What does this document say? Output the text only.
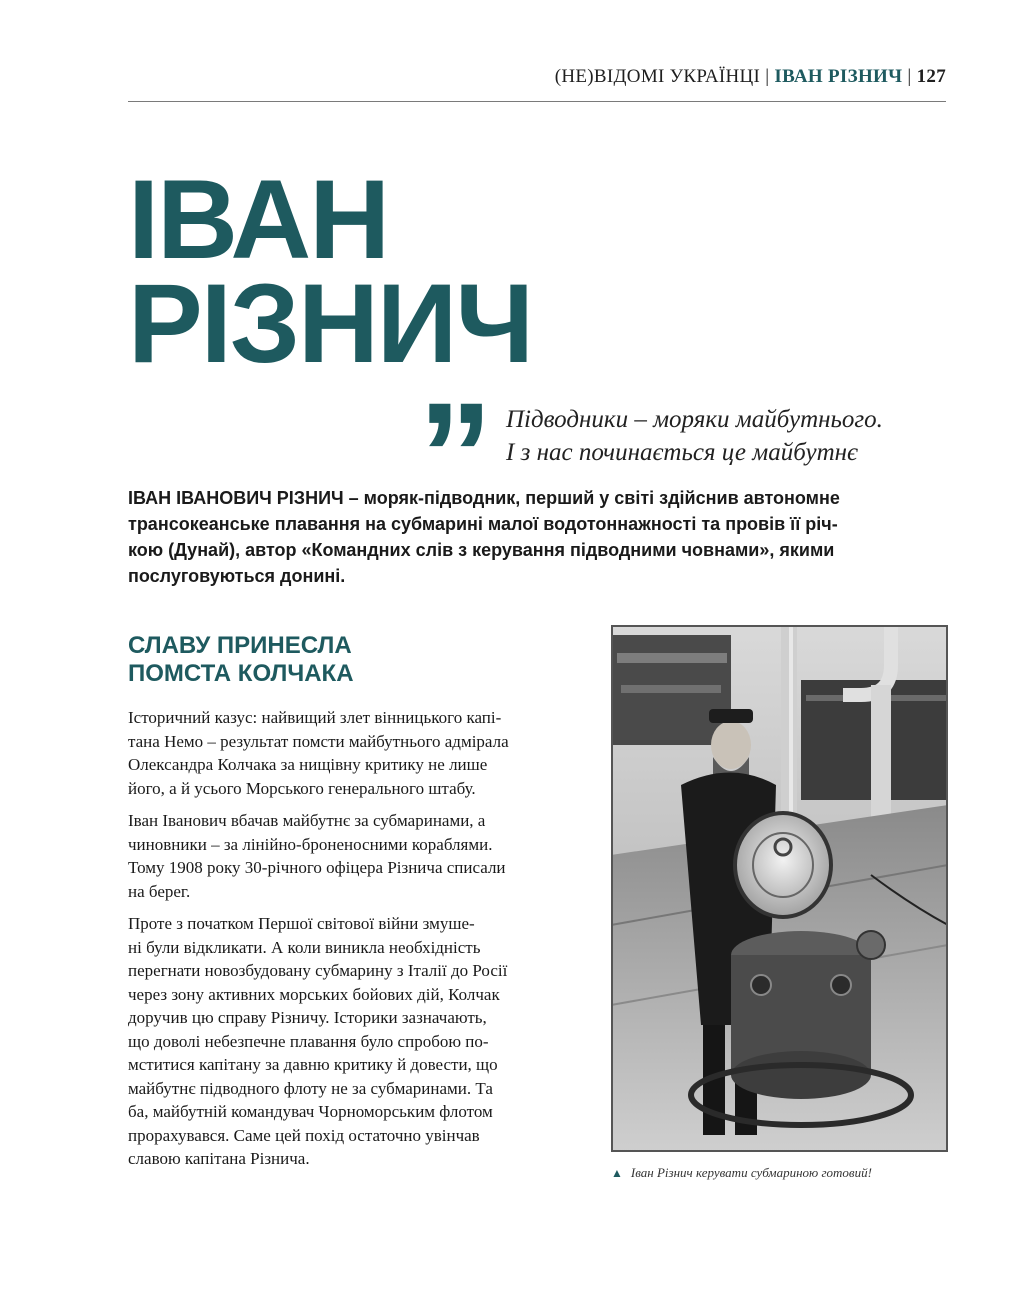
(НЕ)ВІДОМІ УКРАЇНЦІ | ІВАН РІЗНИЧ | 127
ІВАН
РІЗНИЧ
” Підводники – моряки майбутнього.
І з нас починається це майбутнє
ІВАН ІВАНОВИЧ РІЗНИЧ – моряк-підводник, перший у світі здійснив автономне
трансокеанське плавання на субмарині малої водотоннажності та провів її річ-
кою (Дунай), автор «Командних слів з керування підводними човнами», якими
послуговуються донині.
СЛАВУ ПРИНЕСЛА
ПОМСТА КОЛЧАКА

Історичний казус: найвищий злет вінницького капі-
тана Немо – результат помсти майбутнього адмірала
Олександра Колчака за нищівну критику не лише
його, а й усього Морського генерального штабу.

Іван Іванович вбачав майбутнє за субмаринами, а
чиновники – за лінійно-броненосними кораблями.
Тому 1908 року 30-річного офіцера Різнича списали
на берег.

Проте з початком Першої світової війни змуше-
ні були відкликати. А коли виникла необхідність
перегнати новозбудовану субмарину з Італії до Росії
через зону активних морських бойових дій, Колчак
доручив цю справу Різничу. Історики зазначають,
що доволі небезпечне плавання було спробою по-
мститися капітану за давню критику й довести, що
майбутнє підводного флоту не за субмаринами. Та
ба, майбутній командувач Чорноморським флотом
прорахувався. Саме цей похід остаточно увінчав
славою капітана Різнича.

▲ Іван Різнич керувати субмариною готовий!
